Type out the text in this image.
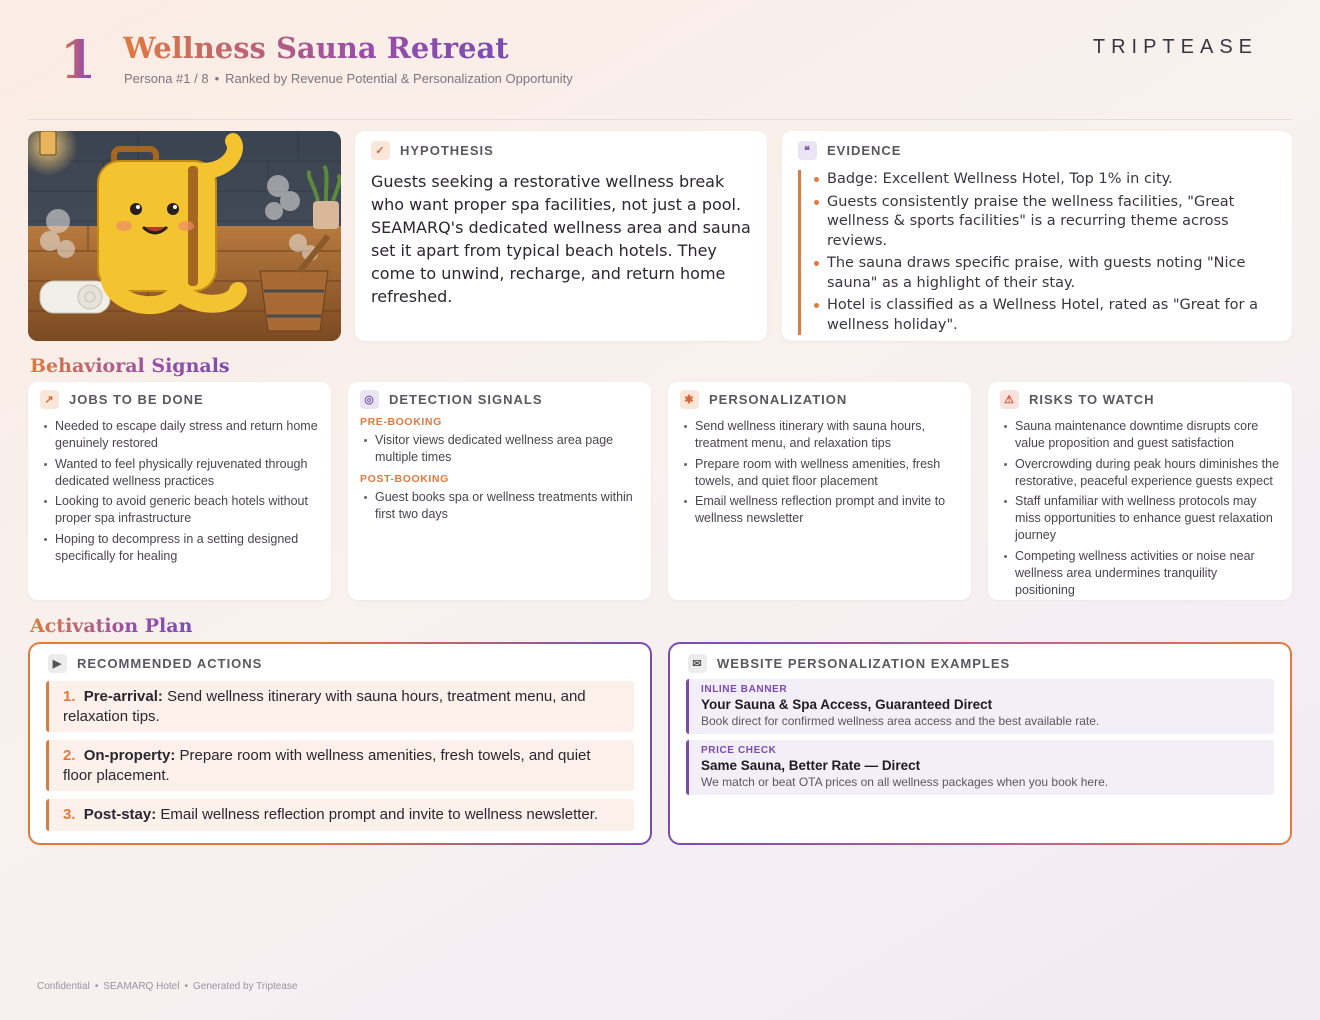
1 Wellness Sauna Retreat
Persona #1 / 8 • Ranked by Revenue Potential & Personalization Opportunity
TRIPTEASE
✓	HYPOTHESIS

Guests seeking a restorative wellness break who want proper spa facilities, not just a pool. SEAMARQ's dedicated wellness area and sauna set it apart from typical beach hotels. They come to unwind, recharge, and return home refreshed.

❝	EVIDENCE
Badge: Excellent Wellness Hotel, Top 1% in city.
Guests consistently praise the wellness facilities, "Great wellness & sports facilities" is a recurring theme across reviews.
The sauna draws specific praise, with guests noting "Nice sauna" as a highlight of their stay.
Hotel is classified as a Wellness Hotel, rated as "Great for a wellness holiday".
Behavioral Signals
↗	JOBS TO BE DONE
Needed to escape daily stress and return home genuinely restored
Wanted to feel physically rejuvenated through dedicated wellness practices
Looking to avoid generic beach hotels without proper spa infrastructure
Hoping to decompress in a setting designed specifically for healing
◎	DETECTION SIGNALS
PRE-BOOKING
Visitor views dedicated wellness area page multiple times
POST-BOOKING
Guest books spa or wellness treatments within first two days
✱	PERSONALIZATION
Send wellness itinerary with sauna hours, treatment menu, and relaxation tips
Prepare room with wellness amenities, fresh towels, and quiet floor placement
Email wellness reflection prompt and invite to wellness newsletter
⚠	RISKS TO WATCH
Sauna maintenance downtime disrupts core value proposition and guest satisfaction
Overcrowding during peak hours diminishes the restorative, peaceful experience guests expect
Staff unfamiliar with wellness protocols may miss opportunities to enhance guest relaxation journey
Competing wellness activities or noise near wellness area undermines tranquility positioning
Activation Plan
▶	RECOMMENDED ACTIONS
1. Pre-arrival: Send wellness itinerary with sauna hours, treatment menu, and relaxation tips.
2. On-property: Prepare room with wellness amenities, fresh towels, and quiet floor placement.
3. Post-stay: Email wellness reflection prompt and invite to wellness newsletter.
✉	WEBSITE PERSONALIZATION EXAMPLES
INLINE BANNER
Your Sauna & Spa Access, Guaranteed Direct
Book direct for confirmed wellness area access and the best available rate.
PRICE CHECK
Same Sauna, Better Rate — Direct
We match or beat OTA prices on all wellness packages when you book here.
Confidential • SEAMARQ Hotel • Generated by Triptease
